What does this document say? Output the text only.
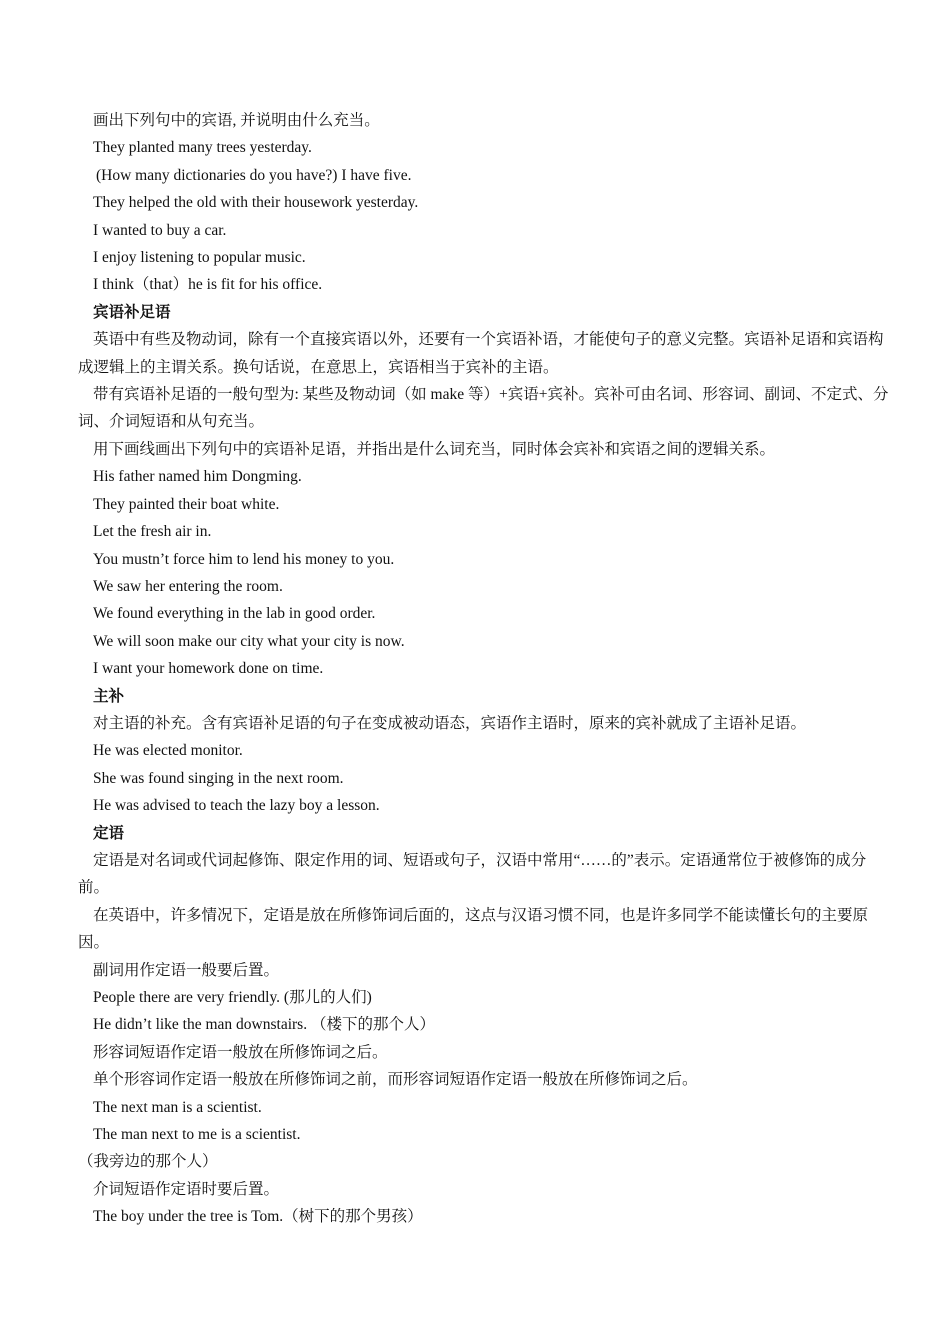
画出下列句中的宾语, 并说明由什么充当。

They planted many trees yesterday.

(How many dictionaries do you have?) I have five.

They helped the old with their housework yesterday.

I wanted to buy a car.

I enjoy listening to popular music.

I think（that）he is fit for his office.

宾语补足语

英语中有些及物动词，除有一个直接宾语以外，还要有一个宾语补语，才能使句子的意义完整。宾语补足语和宾语构成逻辑上的主谓关系。换句话说，在意思上，宾语相当于宾补的主语。

带有宾语补足语的一般句型为: 某些及物动词（如 make 等）+宾语+宾补。宾补可由名词、形容词、副词、不定式、分词、介词短语和从句充当。

用下画线画出下列句中的宾语补足语，并指出是什么词充当，同时体会宾补和宾语之间的逻辑关系。

His father named him Dongming.

They painted their boat white.

Let the fresh air in.

You mustn’t force him to lend his money to you.

We saw her entering the room.

We found everything in the lab in good order.

We will soon make our city what your city is now.

I want your homework done on time.

主补

对主语的补充。含有宾语补足语的句子在变成被动语态，宾语作主语时，原来的宾补就成了主语补足语。

He was elected monitor.

She was found singing in the next room.

He was advised to teach the lazy boy a lesson.

定语

定语是对名词或代词起修饰、限定作用的词、短语或句子，汉语中常用“……的”表示。定语通常位于被修饰的成分前。

在英语中，许多情况下，定语是放在所修饰词后面的，这点与汉语习惯不同，也是许多同学不能读懂长句的主要原因。

副词用作定语一般要后置。

People there are very friendly. (那儿的人们)

He didn’t like the man downstairs. （楼下的那个人）

形容词短语作定语一般放在所修饰词之后。

单个形容词作定语一般放在所修饰词之前，而形容词短语作定语一般放在所修饰词之后。

The next man is a scientist.

The man next to me is a scientist.

（我旁边的那个人）

介词短语作定语时要后置。

The boy under the tree is Tom.（树下的那个男孩）
